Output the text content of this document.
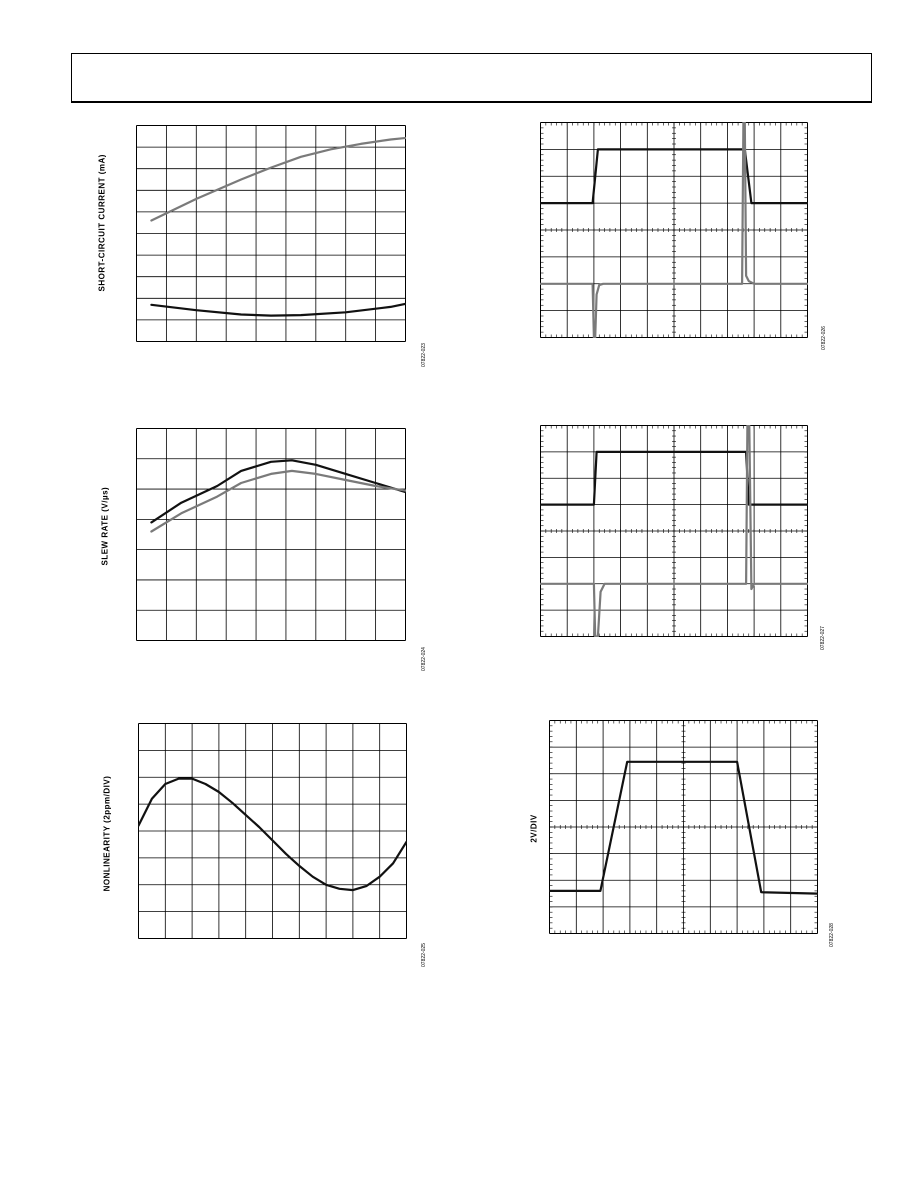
SHORT-CIRCUIT CURRENT (mA)
07822-023
07822-026
SLEW RATE (V/µs)
07822-024
07822-027
NONLINEARITY (2ppm/DIV)
07822-025
2V/DIV
07822-028
